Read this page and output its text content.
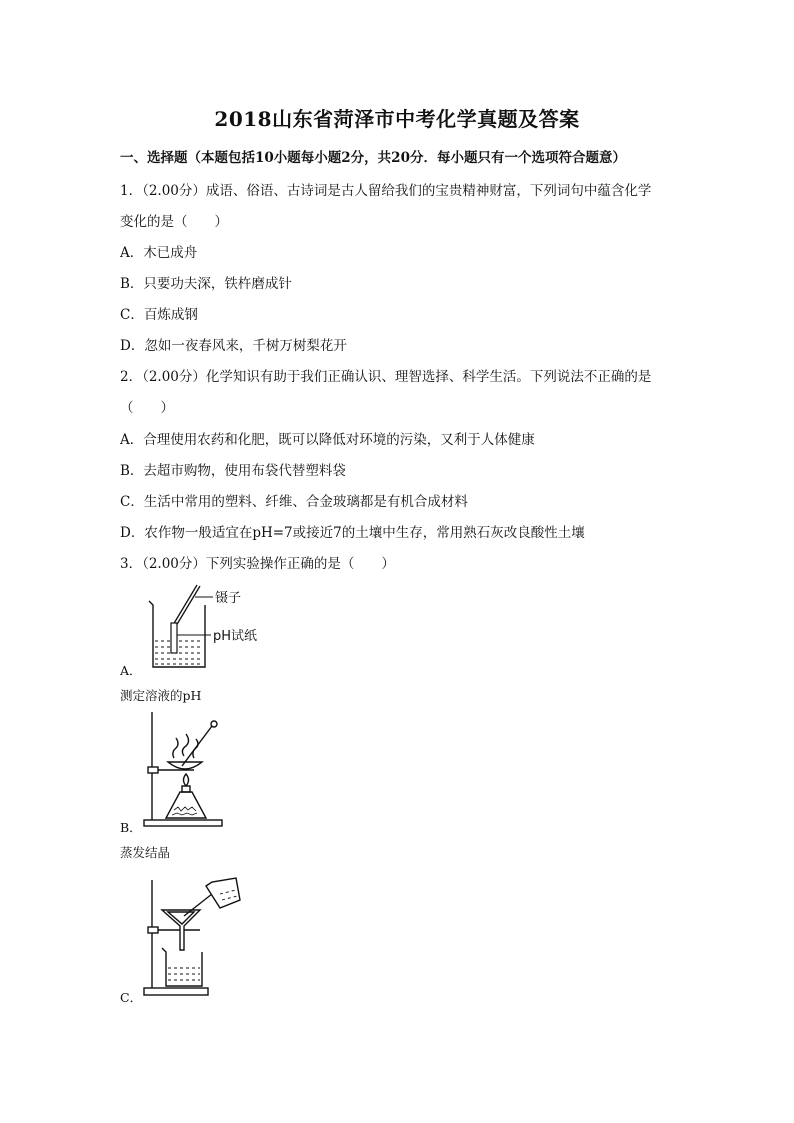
2018山东省菏泽市中考化学真题及答案
一、选择题（本题包括10小题每小题2分，共20分．每小题只有一个选项符合题意）
1．（2.00分）成语、俗语、古诗词是古人留给我们的宝贵精神财富，下列词句中蕴含化学
变化的是（　　）
A．木已成舟
B．只要功夫深，铁杵磨成针
C．百炼成钢
D．忽如一夜春风来，千树万树梨花开
2．（2.00分）化学知识有助于我们正确认识、理智选择、科学生活。下列说法不正确的是
（　　）
A．合理使用农药和化肥，既可以降低对环境的污染，又利于人体健康
B．去超市购物，使用布袋代替塑料袋
C．生活中常用的塑料、纤维、合金玻璃都是有机合成材料
D．农作物一般适宜在pH=7或接近7的土壤中生存，常用熟石灰改良酸性土壤
3．（2.00分）下列实验操作正确的是（　　）
镊子
pH试纸
A．
测定溶液的pH
B．
蒸发结晶
C．
